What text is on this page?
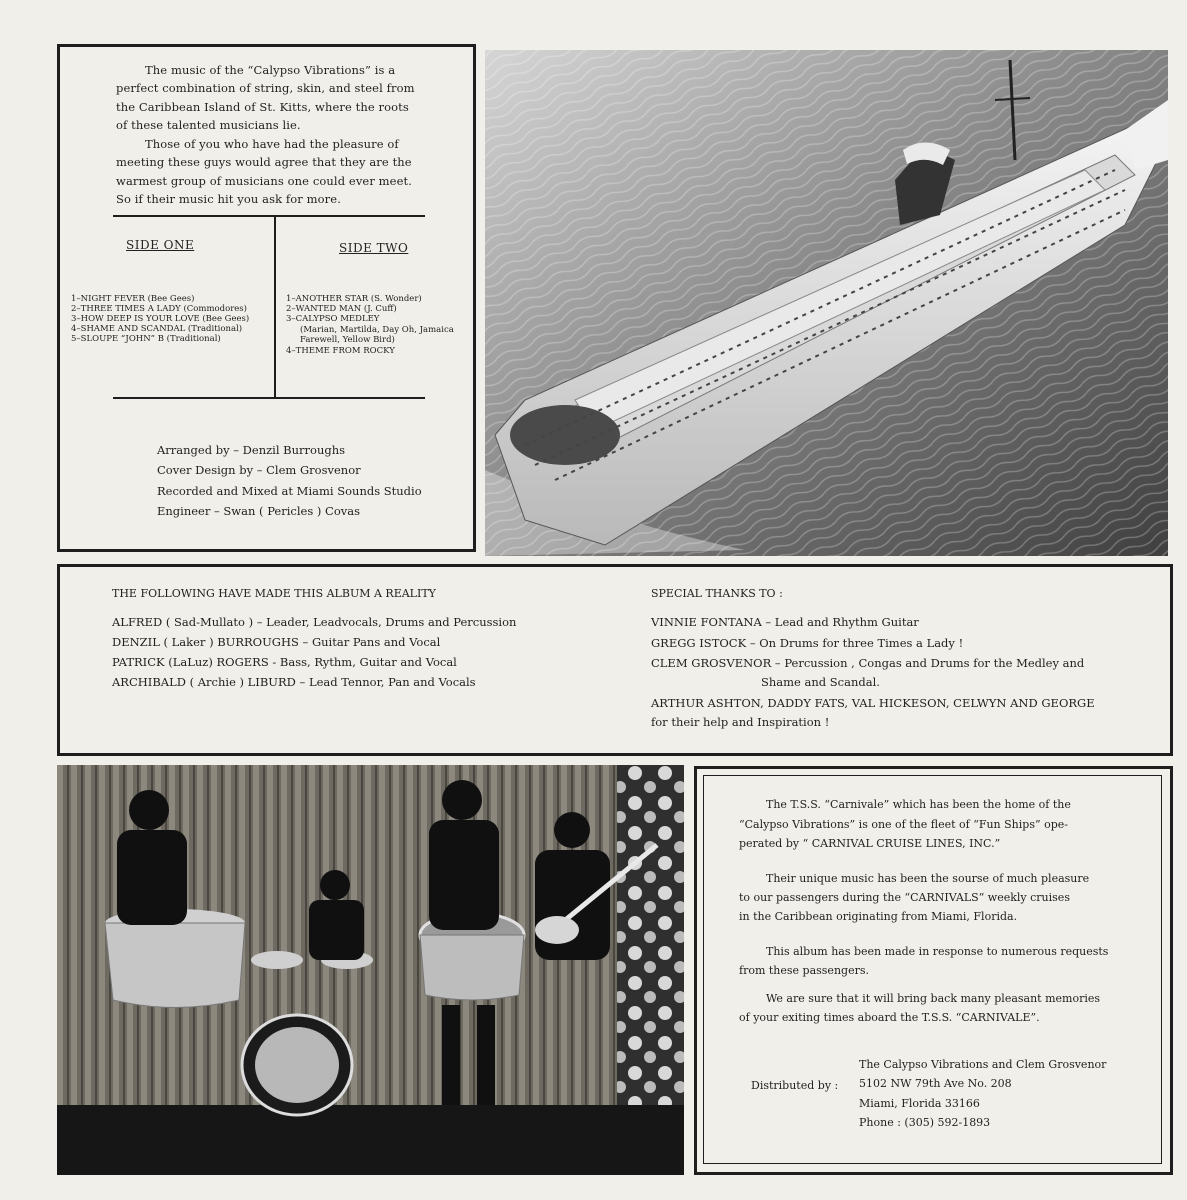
The music of the “Calypso Vibrations” is a
perfect combination of string, skin, and steel from
the Caribbean Island of St. Kitts, where the roots
of these talented musicians lie.
Those of you who have had the pleasure of
meeting these guys would agree that they are the
warmest group of musicians one could ever meet.
So if their music hit you ask for more.
SIDE ONE	SIDE TWO
1–NIGHT FEVER (Bee Gees)
2–THREE TIMES A LADY (Commodores)
3–HOW DEEP IS YOUR LOVE (Bee Gees)
4–SHAME AND SCANDAL (Traditional)
5–SLOUPE “JOHN” B (Traditional)
1–ANOTHER STAR (S. Wonder)
2–WANTED MAN (J. Cuff)
3–CALYPSO MEDLEY
(Marian, Martilda, Day Oh, Jamaica
Farewell, Yellow Bird)
4–THEME FROM ROCKY
Arranged by – Denzil Burroughs
Cover Design by – Clem Grosvenor
Recorded and Mixed at Miami Sounds Studio
Engineer – Swan ( Pericles ) Covas
THE FOLLOWING HAVE MADE THIS ALBUM A REALITY
ALFRED ( Sad-Mullato ) – Leader, Leadvocals, Drums and Percussion
DENZIL ( Laker ) BURROUGHS – Guitar Pans and Vocal
PATRICK (LaLuz) ROGERS - Bass, Rythm, Guitar and Vocal
ARCHIBALD ( Archie ) LIBURD – Lead Tennor, Pan and Vocals
SPECIAL THANKS TO :
VINNIE FONTANA – Lead and Rhythm Guitar
GREGG ISTOCK – On Drums for three Times a Lady !
CLEM GROSVENOR – Percussion , Congas and Drums for the Medley and
Shame and Scandal.
ARTHUR ASHTON, DADDY FATS, VAL HICKESON, CELWYN AND GEORGE
for their help and Inspiration !
The T.S.S. “Carnivale” which has been the home of the
“Calypso Vibrations” is one of the fleet of “Fun Ships” ope-
perated by “ CARNIVAL CRUISE LINES, INC.”
Their unique music has been the sourse of much pleasure
to our passengers during the “CARNIVALS” weekly cruises
in the Caribbean originating from Miami, Florida.
This album has been made in response to numerous requests
from these passengers.
We are sure that it will bring back many pleasant memories
of your exiting times aboard the T.S.S. “CARNIVALE”.
Distributed by :
The Calypso Vibrations and Clem Grosvenor
5102 NW 79th Ave No. 208
Miami, Florida 33166
Phone : (305) 592-1893
